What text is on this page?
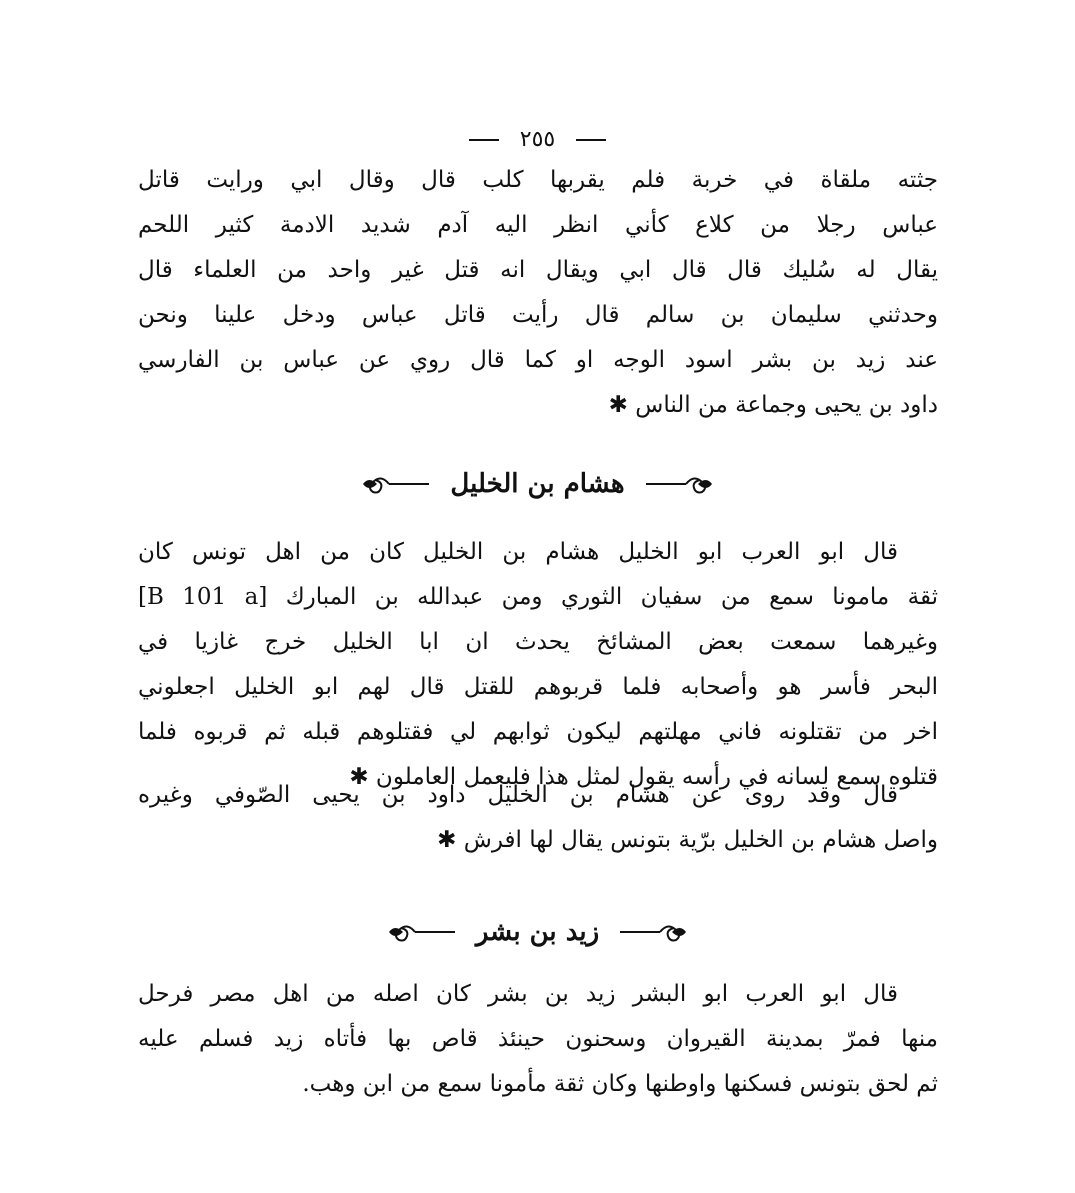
٢٥٥
جثته ملقاة في خربة فلم يقربها كلب قال وقال ابي ورايت قاتل
عباس رجلا من كلاع كأني انظر اليه آدم شديد الادمة كثير اللحم
يقال له سُليك قال قال ابي ويقال انه قتل غير واحد من العلماء قال
وحدثني سليمان بن سالم قال رأيت قاتل عباس ودخل علينا ونحن
عند زيد بن بشر اسود الوجه او كما قال روي عن عباس بن الفارسي
داود بن يحيى وجماعة من الناس ✱
هشام بن الخليل
قال ابو العرب ابو الخليل هشام بن الخليل كان من اهل تونس كان
ثقة مامونا سمع من سفيان الثوري ومن عبدالله بن المبارك [B 101 a]
وغيرهما سمعت بعض المشائخ يحدث ان ابا الخليل خرج غازيا في
البحر فأسر هو وأصحابه فلما قربوهم للقتل قال لهم ابو الخليل اجعلوني
اخر من تقتلونه فاني مهلتهم ليكون ثوابهم لي فقتلوهم قبله ثم قربوه فلما
قتلوه سمع لسانه في رأسه يقول لمثل هذا فليعمل العاملون ✱
قال وقد روى عن هشام بن الخليل داود بن يحيى الصّوفي وغيره
واصل هشام بن الخليل برّية بتونس يقال لها افرش ✱
زيد بن بشر
قال ابو العرب ابو البشر زيد بن بشر كان اصله من اهل مصر فرحل
منها فمرّ بمدينة القيروان وسحنون حينئذ قاص بها فأتاه زيد فسلم عليه
ثم لحق بتونس فسكنها واوطنها وكان ثقة مأمونا سمع من ابن وهب.
